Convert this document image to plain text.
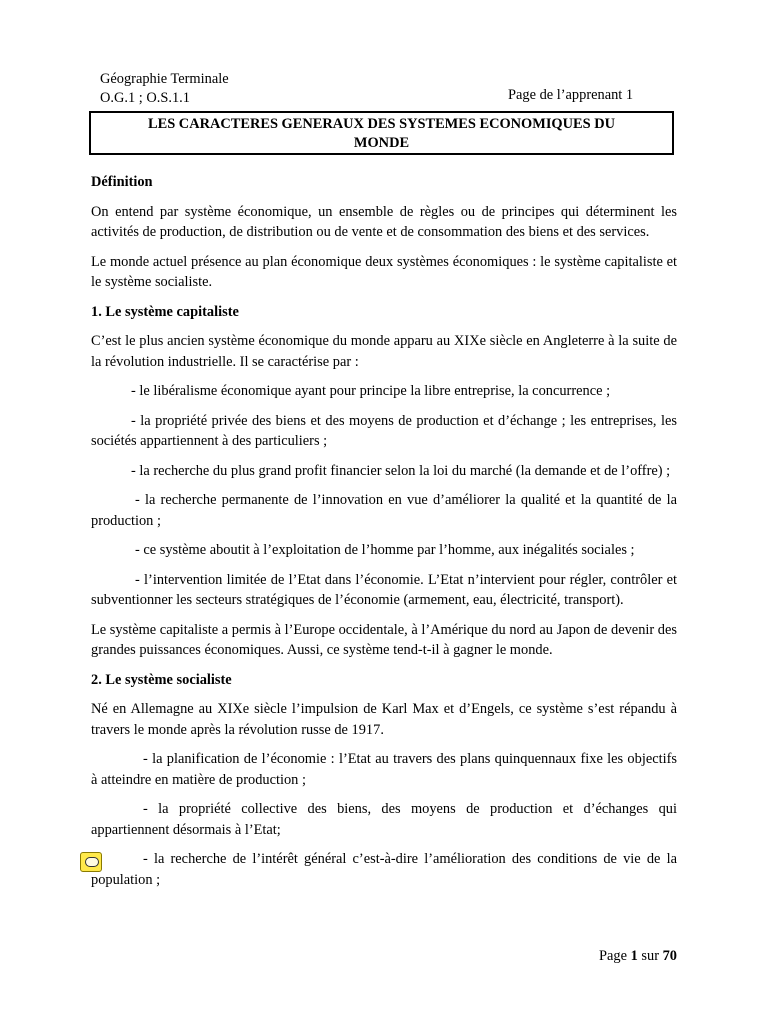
Géographie Terminale
O.G.1 ; O.S.1.1	Page de l’apprenant 1
LES CARACTERES GENERAUX DES SYSTEMES ECONOMIQUES DU
MONDE

Définition

On entend par système économique, un ensemble de règles ou de principes qui déterminent les activités de production, de distribution ou de vente et de consommation des biens et des services.

Le monde actuel présence au plan économique deux systèmes économiques : le système capitaliste et le système socialiste.

1. Le système capitaliste

C’est le plus ancien système économique du monde apparu au XIXe siècle en Angleterre à la suite de la révolution industrielle. Il se caractérise par :

- le libéralisme économique ayant pour principe la libre entreprise, la concurrence ;

- la propriété privée des biens et des moyens de production et d’échange ; les entreprises, les sociétés appartiennent à des particuliers ;

- la recherche du plus grand profit financier selon la loi du marché (la demande et de l’offre) ;

- la recherche permanente de l’innovation en vue d’améliorer la qualité et la quantité de la production ;

- ce système aboutit à l’exploitation de l’homme par l’homme, aux inégalités sociales ;

- l’intervention limitée de l’Etat dans l’économie. L’Etat n’intervient pour régler, contrôler et subventionner les secteurs stratégiques de l’économie (armement, eau, électricité, transport).

Le système capitaliste a permis à l’Europe occidentale, à l’Amérique du nord au Japon de devenir des grandes puissances économiques. Aussi, ce système tend-t-il à gagner le monde.

2. Le système socialiste

Né en Allemagne au XIXe siècle l’impulsion de Karl Max et d’Engels, ce système s’est répandu à travers le monde après la révolution russe de 1917.

- la planification de l’économie : l’Etat au travers des plans quinquennaux fixe les objectifs à atteindre en matière de production ;

- la propriété collective des biens, des moyens de production et d’échanges qui appartiennent désormais à l’Etat;

- la recherche de l’intérêt général c’est-à-dire l’amélioration des conditions de vie de la population ;

Page 1 sur 70
